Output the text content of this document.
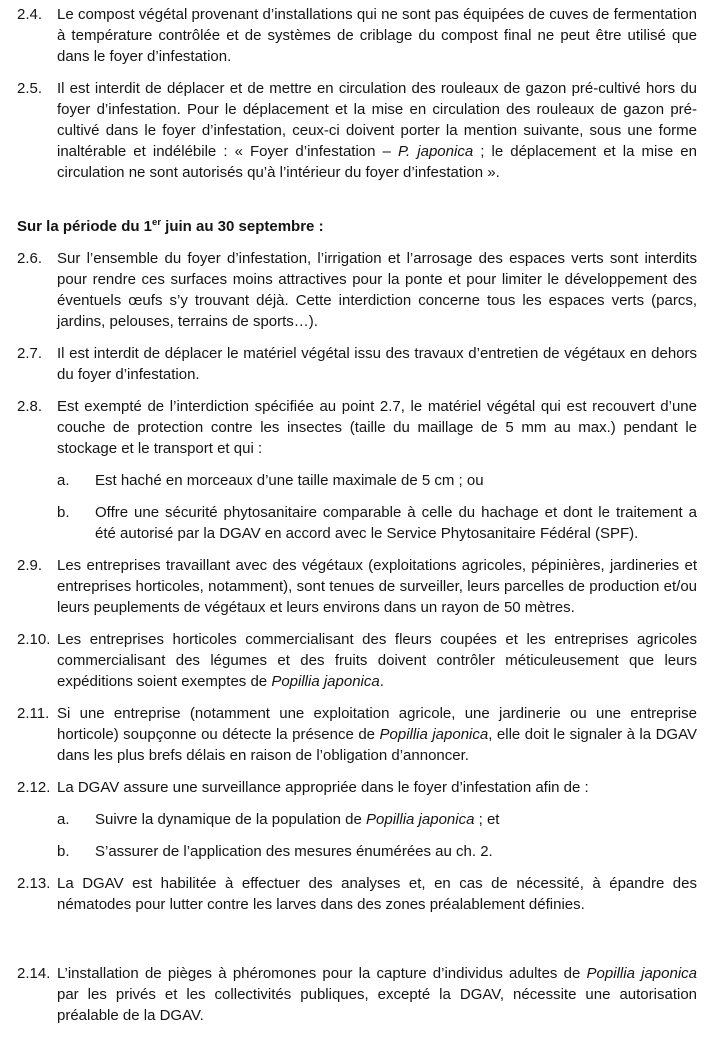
2.4. Le compost végétal provenant d’installations qui ne sont pas équipées de cuves de fermentation à température contrôlée et de systèmes de criblage du compost final ne peut être utilisé que dans le foyer d’infestation.
2.5. Il est interdit de déplacer et de mettre en circulation des rouleaux de gazon pré-cultivé hors du foyer d’infestation. Pour le déplacement et la mise en circulation des rouleaux de gazon pré-cultivé dans le foyer d’infestation, ceux-ci doivent porter la mention suivante, sous une forme inaltérable et indélébile : « Foyer d’infestation – P. japonica ; le déplacement et la mise en circulation ne sont autorisés qu’à l’intérieur du foyer d’infestation ».
Sur la période du 1er juin au 30 septembre :
2.6. Sur l’ensemble du foyer d’infestation, l’irrigation et l’arrosage des espaces verts sont interdits pour rendre ces surfaces moins attractives pour la ponte et pour limiter le développement des éventuels œufs s’y trouvant déjà. Cette interdiction concerne tous les espaces verts (parcs, jardins, pelouses, terrains de sports…).
2.7. Il est interdit de déplacer le matériel végétal issu des travaux d’entretien de végétaux en dehors du foyer d’infestation.
2.8. Est exempté de l’interdiction spécifiée au point 2.7, le matériel végétal qui est recouvert d’une couche de protection contre les insectes (taille du maillage de 5 mm au max.) pendant le stockage et le transport et qui :
a. Est haché en morceaux d’une taille maximale de 5 cm ; ou
b. Offre une sécurité phytosanitaire comparable à celle du hachage et dont le traitement a été autorisé par la DGAV en accord avec le Service Phytosanitaire Fédéral (SPF).
2.9. Les entreprises travaillant avec des végétaux (exploitations agricoles, pépinières, jardineries et entreprises horticoles, notamment), sont tenues de surveiller, leurs parcelles de production et/ou leurs peuplements de végétaux et leurs environs dans un rayon de 50 mètres.
2.10. Les entreprises horticoles commercialisant des fleurs coupées et les entreprises agricoles commercialisant des légumes et des fruits doivent contrôler méticuleusement que leurs expéditions soient exemptes de Popillia japonica.
2.11. Si une entreprise (notamment une exploitation agricole, une jardinerie ou une entreprise horticole) soupçonne ou détecte la présence de Popillia japonica, elle doit le signaler à la DGAV dans les plus brefs délais en raison de l’obligation d’annoncer.
2.12. La DGAV assure une surveillance appropriée dans le foyer d’infestation afin de :
a. Suivre la dynamique de la population de Popillia japonica ; et
b. S’assurer de l’application des mesures énumérées au ch. 2.
2.13. La DGAV est habilitée à effectuer des analyses et, en cas de nécessité, à épandre des nématodes pour lutter contre les larves dans des zones préalablement définies.
2.14. L’installation de pièges à phéromones pour la capture d’individus adultes de Popillia japonica par les privés et les collectivités publiques, excepté la DGAV, nécessite une autorisation préalable de la DGAV.
